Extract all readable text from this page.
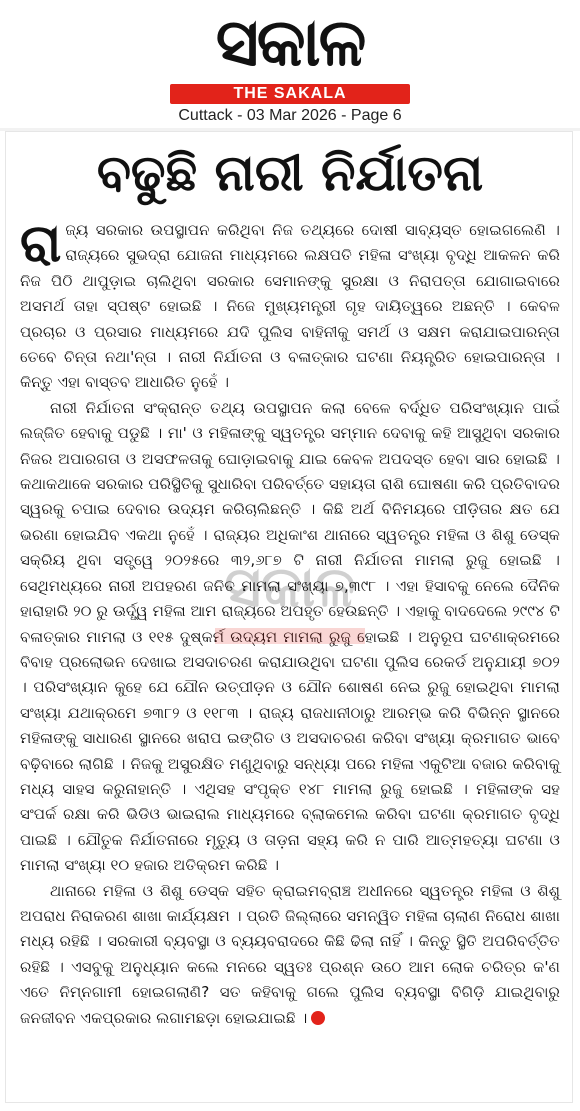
ସକାଳ
THE SAKALA
Cuttack - 03 Mar 2026 - Page 6
ବଢୁଛି ନାରୀ ନିର୍ଯାତନା

ରାଜ୍ୟ ସରକାର ଉପସ୍ଥାପନ କରିଥିବା ନିଜ ତଥ୍ୟରେ ଦୋଷୀ ସାବ୍ୟସ୍ତ ହୋଇଗଲେଣି । ରାଜ୍ୟରେ ସୁଭଦ୍ରା ଯୋଜନା ମାଧ୍ୟମରେ ଲକ୍ଷପତି ମହିଳା ସଂଖ୍ୟା ବୃଦ୍ଧି ଆକଳନ କରି ନିଜ ପିଠି ଥାପୁଡ଼ାଇ ଚାଲିଥିବା ସରକାର ସେମାନଙ୍କୁ ସୁରକ୍ଷା ଓ ନିରାପତ୍ତା ଯୋଗାଇବାରେ ଅସମର୍ଥ ତାହା ସ୍ପଷ୍ଟ ହୋଇଛି । ନିଜେ ମୁଖ୍ୟମନ୍ତ୍ରୀ ଗୃହ ଦାୟିତ୍ୱରେ ଅଛନ୍ତି । କେବଳ ପ୍ରଚାର ଓ ପ୍ରସାର ମାଧ୍ୟମରେ ଯଦି ପୁଲିସ ବାହିନୀକୁ ସମର୍ଥ ଓ ସକ୍ଷମ କରାଯାଇପାରନ୍ତା ତେବେ ଚିନ୍ତା ନଥା'ନ୍ତା । ନାରୀ ନିର୍ଯାତନା ଓ ବଳାତ୍କାର ଘଟଣା ନିୟନ୍ତ୍ରିତ ହୋଇପାରନ୍ତା । କିନ୍ତୁ ଏହା ବାସ୍ତବ ଆଧାରିତ ନୁହେଁ ।

ନାରୀ ନିର୍ଯାତନା ସଂକ୍ରାନ୍ତ ତଥ୍ୟ ଉପସ୍ଥାପନ କଲା ବେଳେ ବର୍ଦ୍ଧିତ ପରିସଂଖ୍ୟାନ ପାଇଁ ଲଜ୍ଜିତ ହେବାକୁ ପଡୁଛି । ମା' ଓ ମହିଳାଙ୍କୁ ସ୍ୱତନ୍ତ୍ର ସମ୍ମାନ ଦେବାକୁ କହି ଆସୁଥିବା ସରକାର ନିଜର ଅପାରଗତା ଓ ଅସଫଳତାକୁ ଘୋଡ଼ାଇବାକୁ ଯାଇ କେବଳ ଅପଦସ୍ତ ହେବା ସାର ହୋଇଛି । କଥାକଥାକେ ସରକାର ପରିସ୍ଥିତିକୁ ସୁଧାରିବା ପରିବର୍ତ୍ତେ ସହାୟତା ରାଶି ଘୋଷଣା କରି ପ୍ରତିବାଦର ସ୍ୱରକୁ ଚପାଇ ଦେବାର ଉଦ୍ୟମ କରିଚାଲିଛନ୍ତି । କିଛି ଅର୍ଥ ବିନିମୟରେ ପୀଡ଼ିତାର କ୍ଷତ ଯେ ଭରଣା ହୋଇଯିବ ଏକଥା ନୁହେଁ । ରାଜ୍ୟର ଅଧିକାଂଶ ଥାନାରେ ସ୍ୱତନ୍ତ୍ର ମହିଳା ଓ ଶିଶୁ ଡେସ୍କ ସକ୍ରିୟ ଥିବା ସତ୍ତ୍ୱେ ୨୦୨୫ରେ ୩୨,୬୮୭ ଟି ନାରୀ ନିର୍ଯାତନା ମାମଲା ରୁଜୁ ହୋଇଛି । ସେଥିମଧ୍ୟରେ ନାରୀ ଅପହରଣ ଜନିତ ମାମଲା ସଂଖ୍ୟା ୭,୩୯୮ । ଏହା ହିସାବକୁ ନେଲେ ଦୈନିକ ହାରାହାରି ୨୦ ରୁ ଊର୍ଦ୍ଧ୍ୱ ମହିଳା ଆମ ରାଜ୍ୟରେ ଅପହୃତ ହେଉଛନ୍ତି । ଏହାକୁ ବାଦଦେଲେ ୨୯୯୪ ଟି ବଳାତ୍କାର ମାମଲା ଓ ୧୧୫ ଦୁଷ୍କର୍ମ ଉଦ୍ୟମ ମାମଲା ରୁଜୁ ହୋଇଛି । ଅନୁରୂପ ଘଟଣାକ୍ରମରେ ବିବାହ ପ୍ରଲୋଭନ ଦେଖାଇ ଅସଦାଚରଣ କରାଯାଉଥିବା ଘଟଣା ପୁଲିସ ରେକର୍ଡ ଅନୁଯାୟୀ ୭୦୨ । ପରିସଂଖ୍ୟାନ କୁହେ ଯେ ଯୌନ ଉତ୍ପୀଡ଼ନ ଓ ଯୌନ ଶୋଷଣ ନେଇ ରୁଜୁ ହୋଇଥିବା ମାମଲା ସଂଖ୍ୟା ଯଥାକ୍ରମେ ୭୩୮୨ ଓ ୧୧୮୩ । ରାଜ୍ୟ ରାଜଧାନୀଠାରୁ ଆରମ୍ଭ କରି ବିଭିନ୍ନ ସ୍ଥାନରେ ମହିଳାଙ୍କୁ ସାଧାରଣ ସ୍ଥାନରେ ଖରାପ ଇଙ୍ଗିତ ଓ ଅସଦାଚରଣ କରିବା ସଂଖ୍ୟା କ୍ରମାଗତ ଭାବେ ବଢ଼ିବାରେ ଲାଗିଛି । ନିଜକୁ ଅସୁରକ୍ଷିତ ମଣୁଥିବାରୁ ସନ୍ଧ୍ୟା ପରେ ମହିଳା ଏକୁଟିଆ ବଜାର କରିବାକୁ ମଧ୍ୟ ସାହସ କରୁନାହାନ୍ତି । ଏଥିସହ ସଂପୃକ୍ତ ୧୪୮ ମାମଲା ରୁଜୁ ହୋଇଛି । ମହିଳାଙ୍କ ସହ ସଂପର୍କ ରକ୍ଷା କରି ଭିଡିଓ ଭାଇରାଲ ମାଧ୍ୟମରେ ବ୍ଲାକମେଲ କରିବା ଘଟଣା କ୍ରମାଗତ ବୃଦ୍ଧି ପାଇଛି । ଯୌତୁକ ନିର୍ଯାତନାରେ ମୃତ୍ୟୁ ଓ ତାଡ଼ନା ସହ୍ୟ କରି ନ ପାରି ଆତ୍ମହତ୍ୟା ଘଟଣା ଓ ମାମଲା ସଂଖ୍ୟା ୧୦ ହଜାର ଅତିକ୍ରମ କରିଛି ।

ଥାନାରେ ମହିଳା ଓ ଶିଶୁ ଡେସ୍କ ସହିତ କ୍ରାଇମବ୍ରାଞ୍ଚ ଅଧୀନରେ ସ୍ୱତନ୍ତ୍ର ମହିଳା ଓ ଶିଶୁ ଅପରାଧ ନିରାକରଣ ଶାଖା କାର୍ଯ୍ୟକ୍ଷମ । ପ୍ରତି ଜିଲ୍ଲାରେ ସମନ୍ୱିତ ମହିଳା ଚାଲାଣ ନିରୋଧ ଶାଖା ମଧ୍ୟ ରହିଛି । ସରକାରୀ ବ୍ୟବସ୍ଥା ଓ ବ୍ୟୟବରାଦରେ କିଛି ଢିଲା ନାହିଁ । କିନ୍ତୁ ସ୍ଥିତି ଅପରିବର୍ତ୍ତିତ ରହିଛି । ଏସବୁକୁ ଅନୁଧ୍ୟାନ କଲେ ମନରେ ସ୍ୱତଃ ପ୍ରଶ୍ନ ଉଠେ ଆମ ଲୋକ ଚରିତ୍ର କ'ଣ ଏତେ ନିମ୍ନଗାମୀ ହୋଇଗଲାଣି? ସତ କହିବାକୁ ଗଲେ ପୁଲିସ ବ୍ୟବସ୍ଥା ବିଗିଡ଼ି ଯାଇଥିବାରୁ ଜନଜୀବନ ଏକପ୍ରକାର ଲଗାମଛଡ଼ା ହୋଇଯାଇଛି ।

ସକାଳ
